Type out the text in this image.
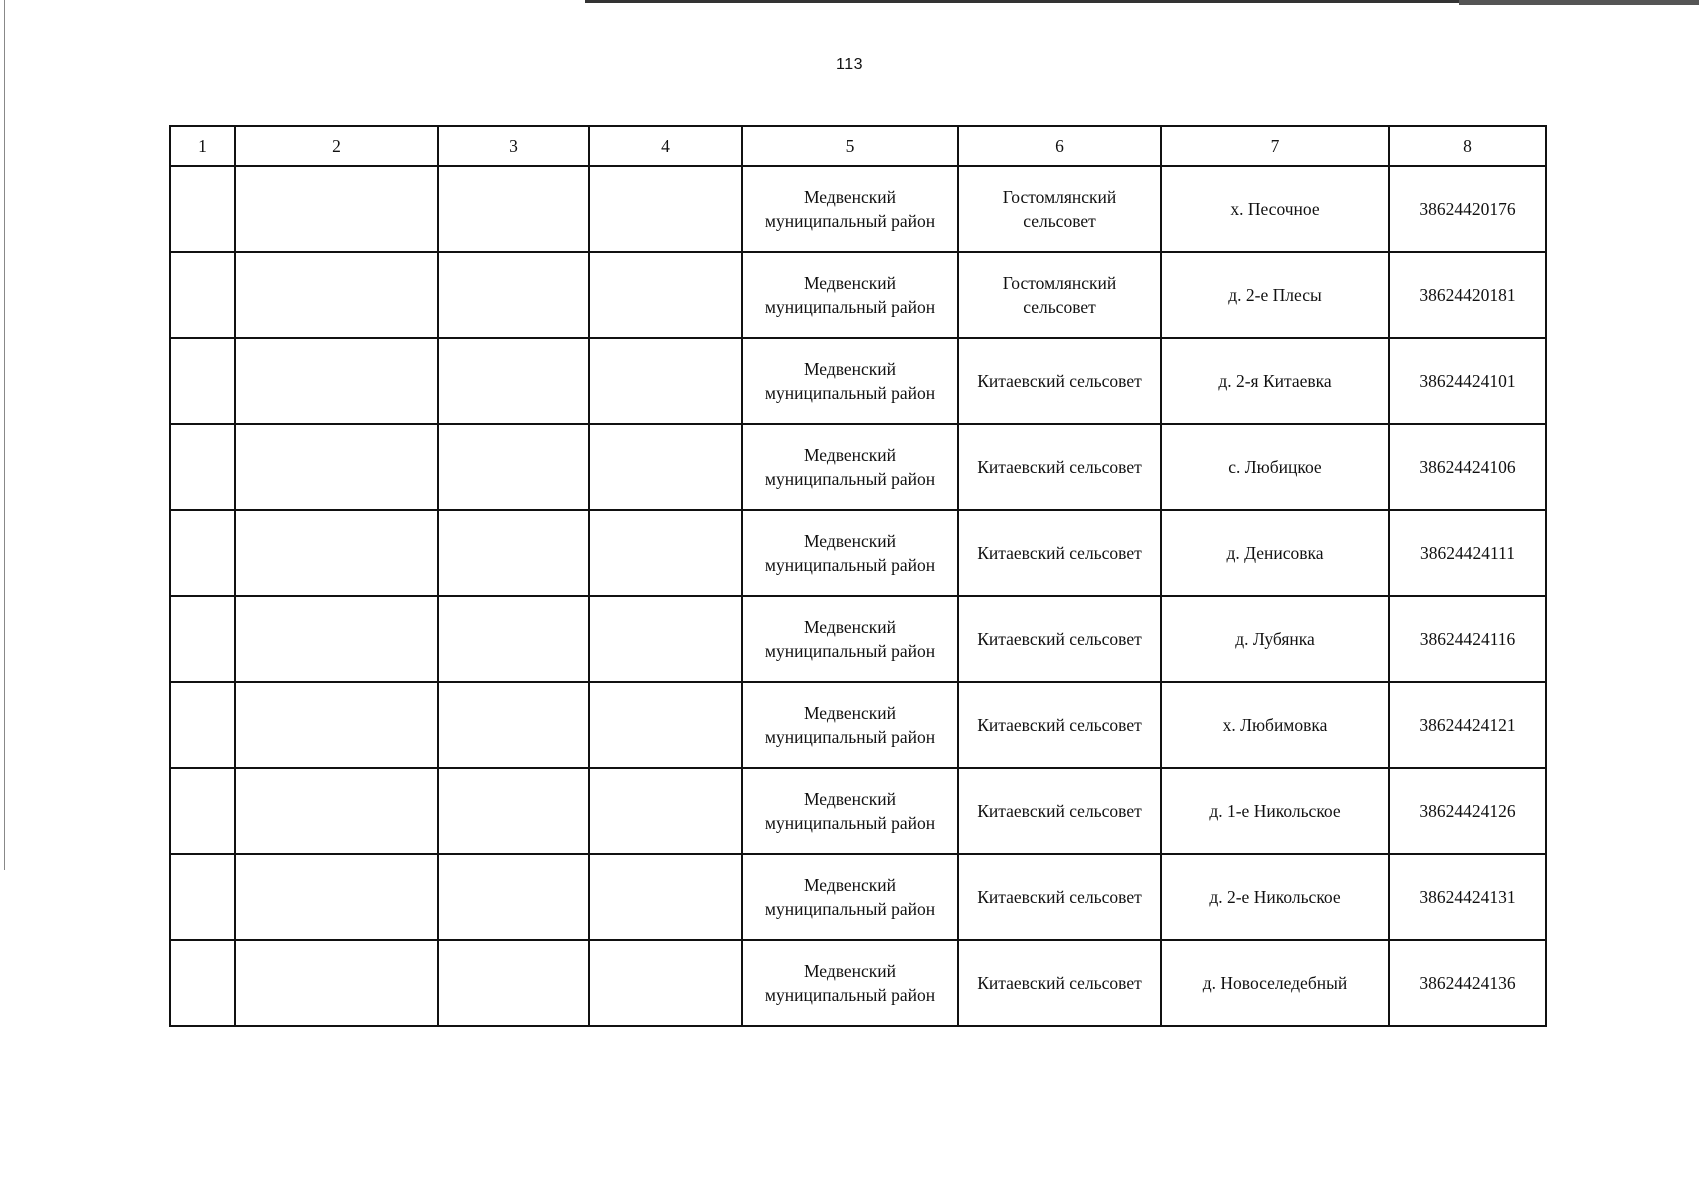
113
1	2	3	4	5	6	7	8
				Медвенский
муниципальный район	Гостомлянский сельсовет	х. Песочное	38624420176
				Медвенский
муниципальный район	Гостомлянский сельсовет	д. 2-е Плесы	38624420181
				Медвенский
муниципальный район	Китаевский сельсовет	д. 2-я Китаевка	38624424101
				Медвенский
муниципальный район	Китаевский сельсовет	с. Любицкое	38624424106
				Медвенский
муниципальный район	Китаевский сельсовет	д. Денисовка	38624424111
				Медвенский
муниципальный район	Китаевский сельсовет	д. Лубянка	38624424116
				Медвенский
муниципальный район	Китаевский сельсовет	х. Любимовка	38624424121
				Медвенский
муниципальный район	Китаевский сельсовет	д. 1-е Никольское	38624424126
				Медвенский
муниципальный район	Китаевский сельсовет	д. 2-е Никольское	38624424131
				Медвенский
муниципальный район	Китаевский сельсовет	д. Новоселедебный	38624424136
